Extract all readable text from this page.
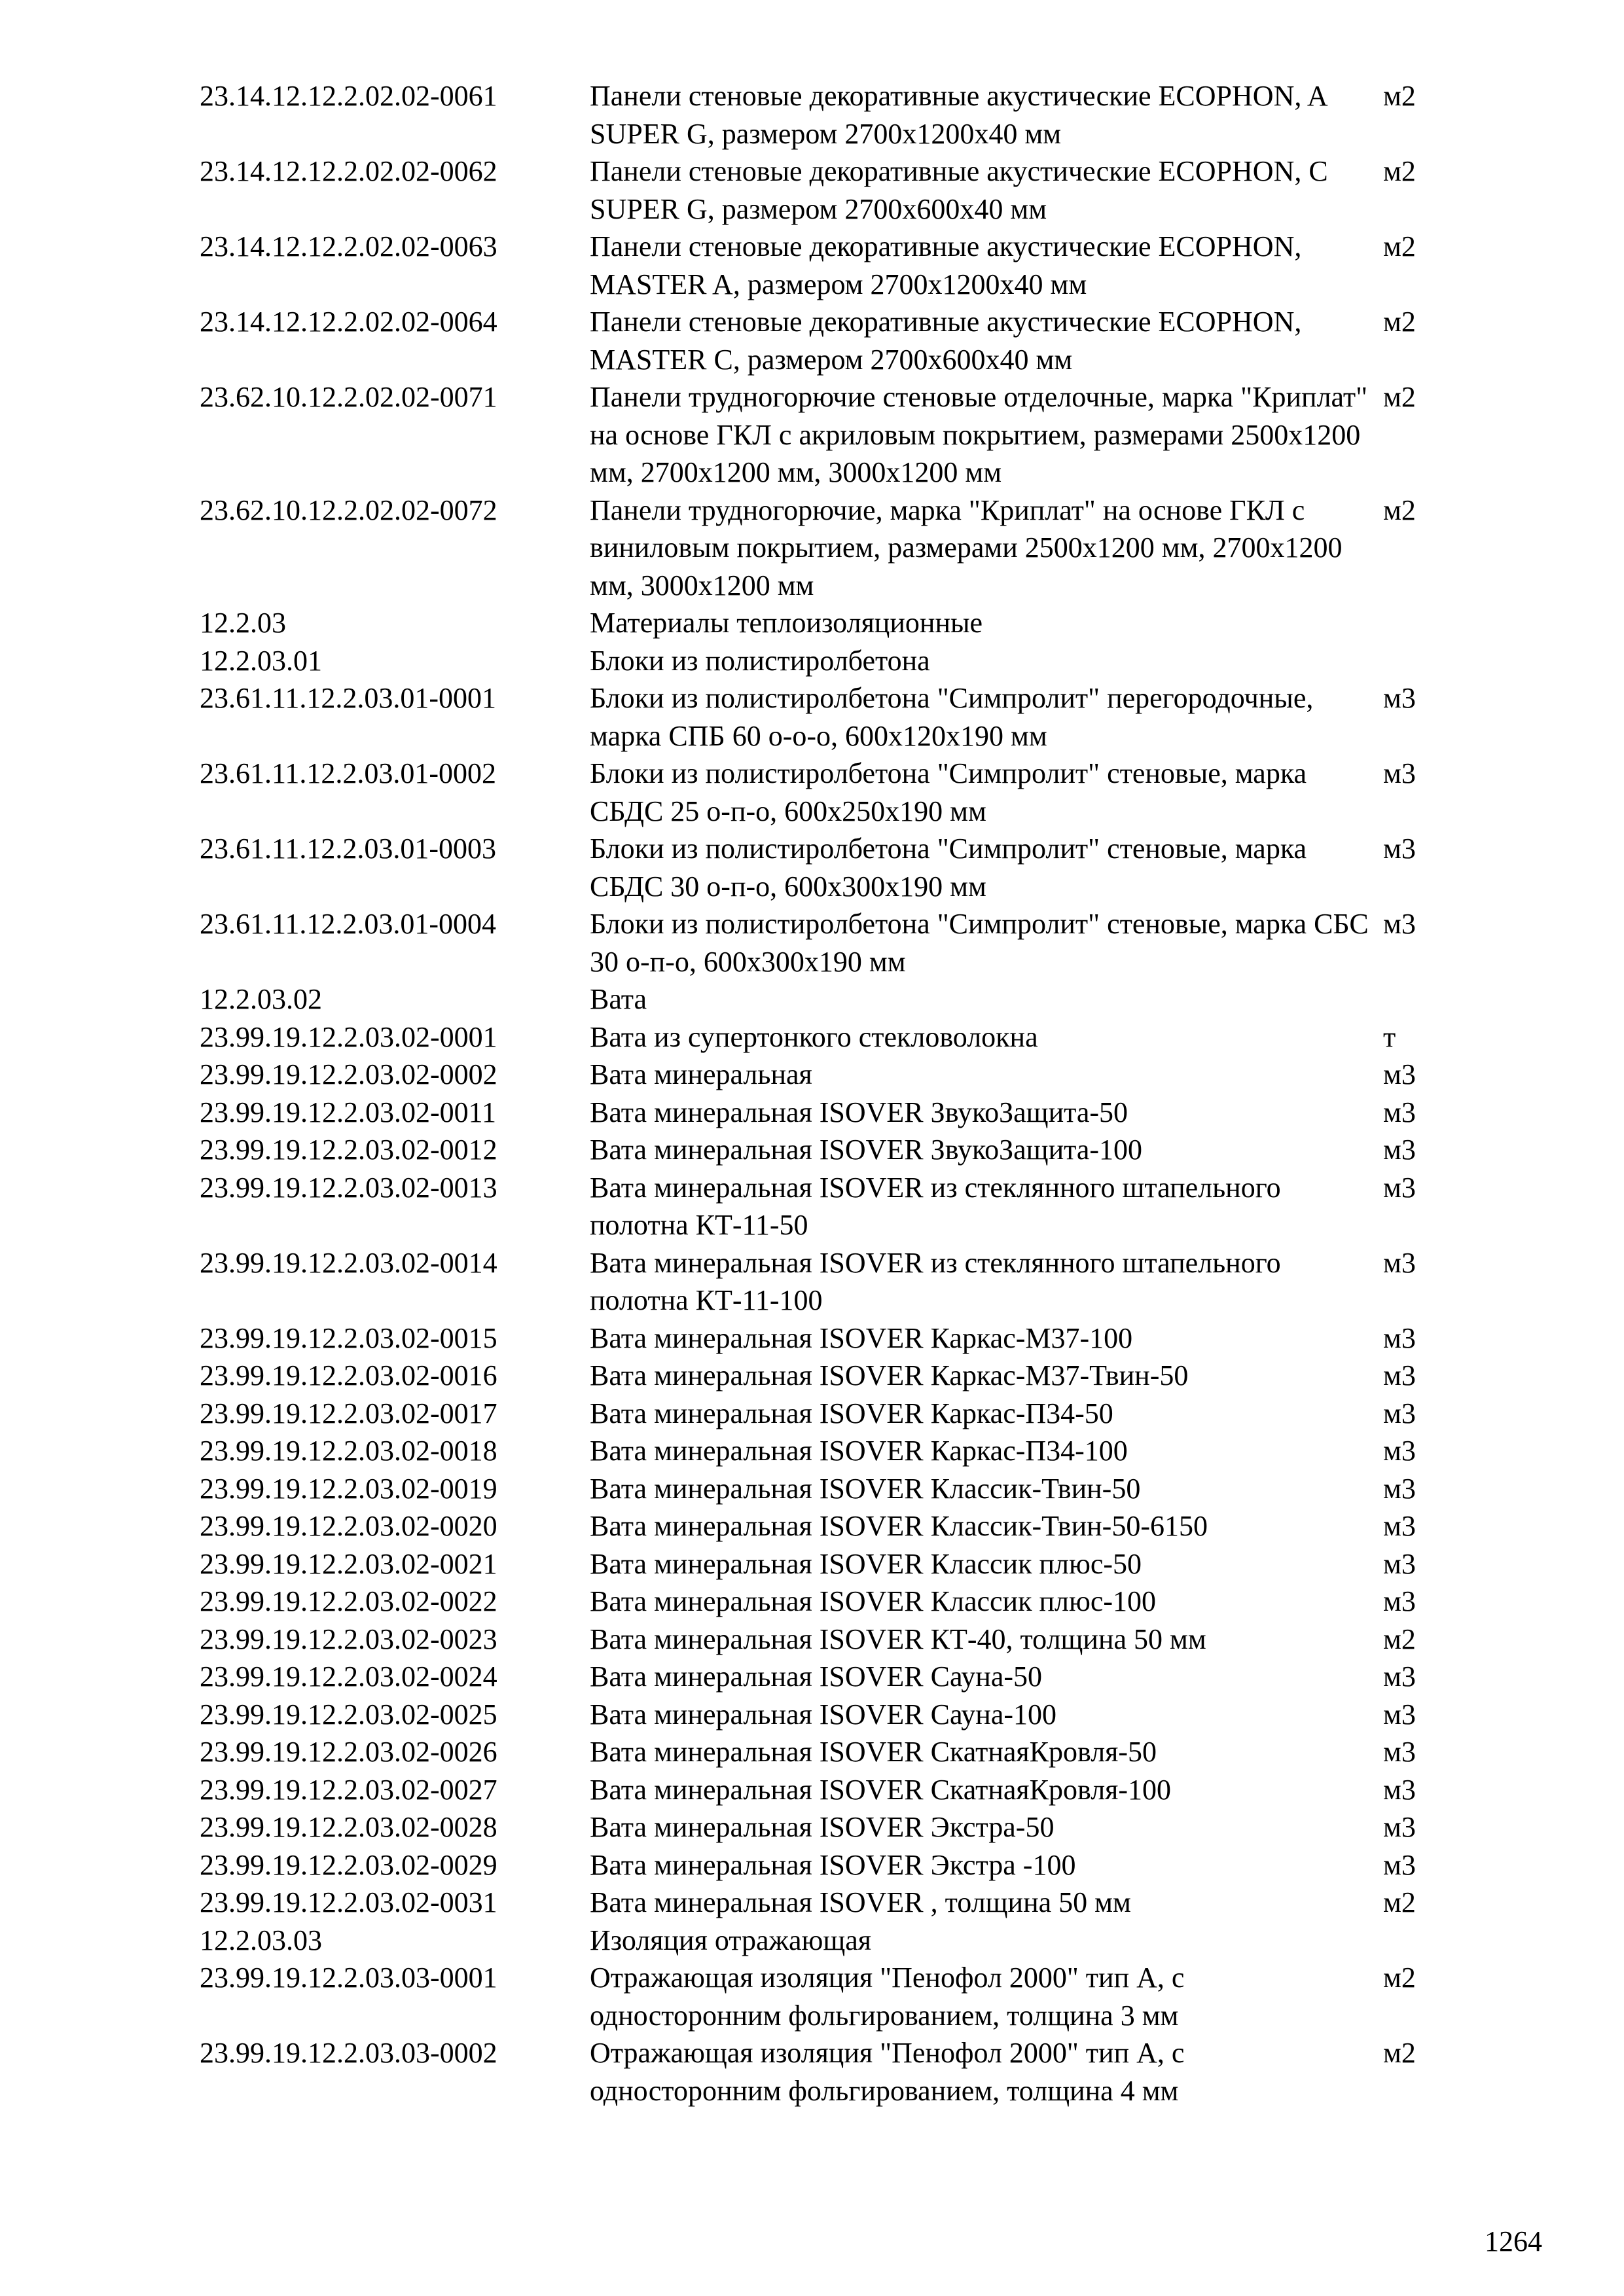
23.14.12.12.2.02.02-0061	Панели стеновые декоративные акустические ECOPHON, A SUPER G, размером 2700x1200x40 мм	м2
23.14.12.12.2.02.02-0062	Панели стеновые декоративные акустические ECOPHON, C SUPER G, размером 2700x600x40 мм	м2
23.14.12.12.2.02.02-0063	Панели стеновые декоративные акустические ECOPHON, MASTER A, размером 2700x1200x40 мм	м2
23.14.12.12.2.02.02-0064	Панели стеновые декоративные акустические ECOPHON, MASTER C, размером 2700x600x40 мм	м2
23.62.10.12.2.02.02-0071	Панели трудногорючие стеновые отделочные, марка "Криплат" на основе ГКЛ с акриловым покрытием, размерами 2500x1200 мм, 2700x1200 мм, 3000x1200 мм	м2
23.62.10.12.2.02.02-0072	Панели трудногорючие, марка "Криплат" на основе ГКЛ с виниловым покрытием, размерами 2500x1200 мм, 2700x1200 мм, 3000x1200 мм	м2
12.2.03	Материалы теплоизоляционные	
12.2.03.01	Блоки из полистиролбетона	
23.61.11.12.2.03.01-0001	Блоки из полистиролбетона "Симпролит" перегородочные, марка СПБ 60 о-о-о, 600x120x190 мм	м3
23.61.11.12.2.03.01-0002	Блоки из полистиролбетона "Симпролит" стеновые, марка СБДС 25 о-п-о, 600x250x190 мм	м3
23.61.11.12.2.03.01-0003	Блоки из полистиролбетона "Симпролит" стеновые, марка СБДС 30 о-п-о, 600x300x190 мм	м3
23.61.11.12.2.03.01-0004	Блоки из полистиролбетона "Симпролит" стеновые, марка СБС 30 о-п-о, 600x300x190 мм	м3
12.2.03.02	Вата	
23.99.19.12.2.03.02-0001	Вата из супертонкого стекловолокна	т
23.99.19.12.2.03.02-0002	Вата минеральная	м3
23.99.19.12.2.03.02-0011	Вата минеральная ISOVER ЗвукоЗащита-50	м3
23.99.19.12.2.03.02-0012	Вата минеральная ISOVER ЗвукоЗащита-100	м3
23.99.19.12.2.03.02-0013	Вата минеральная ISOVER из стеклянного штапельного полотна КТ-11-50	м3
23.99.19.12.2.03.02-0014	Вата минеральная ISOVER из стеклянного штапельного полотна КТ-11-100	м3
23.99.19.12.2.03.02-0015	Вата минеральная ISOVER Каркас-М37-100	м3
23.99.19.12.2.03.02-0016	Вата минеральная ISOVER Каркас-М37-Твин-50	м3
23.99.19.12.2.03.02-0017	Вата минеральная ISOVER Каркас-П34-50	м3
23.99.19.12.2.03.02-0018	Вата минеральная ISOVER Каркас-П34-100	м3
23.99.19.12.2.03.02-0019	Вата минеральная ISOVER Классик-Твин-50	м3
23.99.19.12.2.03.02-0020	Вата минеральная ISOVER Классик-Твин-50-6150	м3
23.99.19.12.2.03.02-0021	Вата минеральная ISOVER Классик плюс-50	м3
23.99.19.12.2.03.02-0022	Вата минеральная ISOVER Классик плюс-100	м3
23.99.19.12.2.03.02-0023	Вата минеральная ISOVER КТ-40, толщина 50 мм	м2
23.99.19.12.2.03.02-0024	Вата минеральная ISOVER Сауна-50	м3
23.99.19.12.2.03.02-0025	Вата минеральная ISOVER Сауна-100	м3
23.99.19.12.2.03.02-0026	Вата минеральная ISOVER СкатнаяКровля-50	м3
23.99.19.12.2.03.02-0027	Вата минеральная ISOVER СкатнаяКровля-100	м3
23.99.19.12.2.03.02-0028	Вата минеральная ISOVER Экстра-50	м3
23.99.19.12.2.03.02-0029	Вата минеральная ISOVER Экстра -100	м3
23.99.19.12.2.03.02-0031	Вата минеральная ISOVER , толщина 50 мм	м2
12.2.03.03	Изоляция отражающая	
23.99.19.12.2.03.03-0001	Отражающая изоляция "Пенофол 2000" тип А, с односторонним фольгированием, толщина 3 мм	м2
23.99.19.12.2.03.03-0002	Отражающая изоляция "Пенофол 2000" тип А, с односторонним фольгированием, толщина 4 мм	м2
1264
